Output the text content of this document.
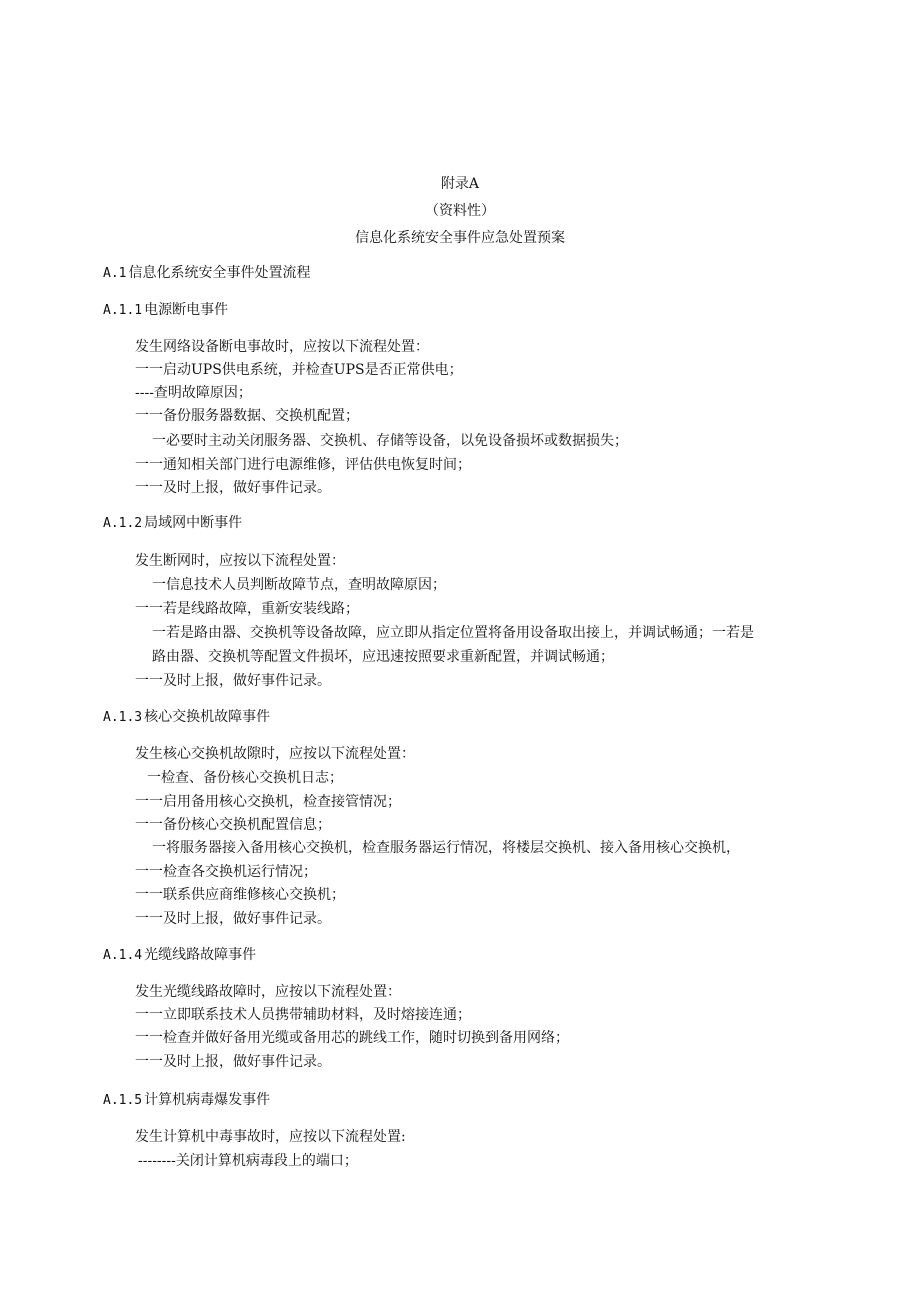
附录A
（资料性）
信息化系统安全事件应急处置预案
A.1 信息化系统安全事件处置流程
A.1.1 电源断电事件
发生网络设备断电事故时，应按以下流程处置：
一一启动UPS供电系统，并检查UPS是否正常供电；
----查明故障原因；
一一备份服务器数据、交换机配置；
一必要时主动关闭服务器、交换机、存储等设备，以免设备损坏或数据损失；
一一通知相关部门进行电源维修，评估供电恢复时间；
一一及时上报，做好事件记录。
A.1.2 局域网中断事件
发生断网时，应按以下流程处置：
一信息技术人员判断故障节点，查明故障原因；
一一若是线路故障，重新安装线路；
一若是路由器、交换机等设备故障，应立即从指定位置将备用设备取出接上，并调试畅通；一若是
路由器、交换机等配置文件损坏，应迅速按照要求重新配置，并调试畅通；
一一及时上报，做好事件记录。
A.1.3 核心交换机故障事件
发生核心交换机故隙时，应按以下流程处置：
一检查、备份核心交换机日志；
一一启用备用核心交换机，检查接管情况；
一一备份核心交换机配置信息；
一将服务器接入备用核心交换机，检查服务器运行情况，将楼层交换机、接入备用核心交换机，
一一检查各交换机运行情况；
一一联系供应商维修核心交换机；
一一及时上报，做好事件记录。
A.1.4 光缆线路故障事件
发生光缆线路故障时，应按以下流程处置：
一一立即联系技术人员携带辅助材料，及时熔接连通；
一一检查并做好备用光缆或备用芯的跳线工作，随时切换到备用网络；
一一及时上报，做好事件记录。
A.1.5 计算机病毒爆发事件
发生计算机中毒事故时，应按以下流程处置:
--------关闭计算机病毒段上的端口；
